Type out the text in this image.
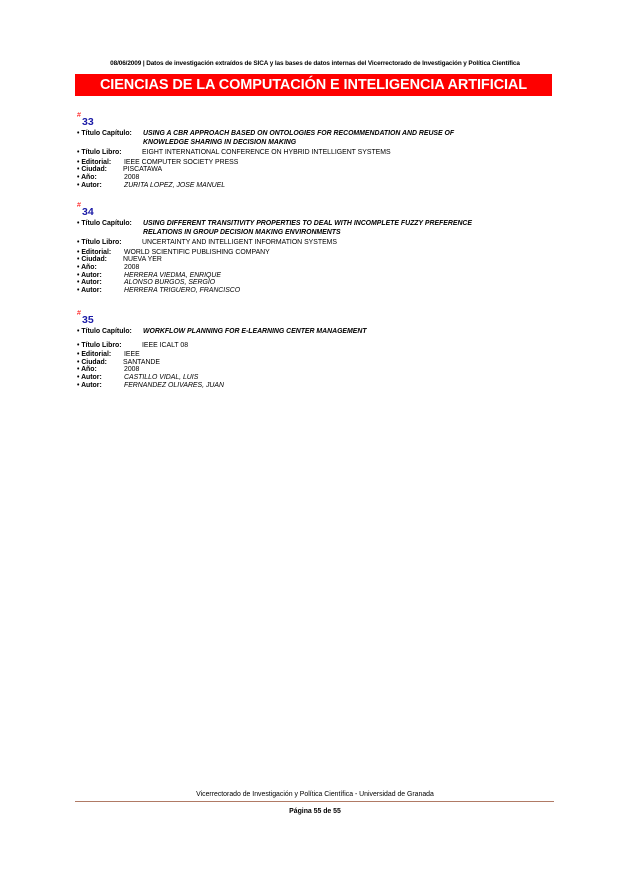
08/06/2009 | Datos de investigación extraídos de SICA y las bases de datos internas del Vicerrectorado de Investigación y Política Científica
CIENCIAS DE LA COMPUTACIÓN E INTELIGENCIA ARTIFICIAL
#
33
• Título Capítulo:	USING A CBR APPROACH BASED ON ONTOLOGIES FOR RECOMMENDATION AND REUSE OF KNOWLEDGE SHARING IN DECISION MAKING
• Título Libro:	EIGHT INTERNATIONAL CONFERENCE ON HYBRID INTELLIGENT SYSTEMS
• Editorial:	IEEE COMPUTER SOCIETY PRESS
• Ciudad:	PISCATAWA
• Año:	2008
• Autor:	ZURITA LOPEZ, JOSE MANUEL
#
34
• Título Capítulo:	USING DIFFERENT TRANSITIVITY PROPERTIES TO DEAL WITH INCOMPLETE FUZZY PREFERENCE RELATIONS IN GROUP DECISION MAKING ENVIRONMENTS
• Título Libro:	UNCERTAINTY AND INTELLIGENT INFORMATION SYSTEMS
• Editorial:	WORLD SCIENTIFIC PUBLISHING COMPANY
• Ciudad:	NUEVA YER
• Año:	2008
• Autor:	HERRERA VIEDMA, ENRIQUE
• Autor:	ALONSO BURGOS, SERGIO
• Autor:	HERRERA TRIGUERO, FRANCISCO
#
35
• Título Capítulo:	WORKFLOW PLANNING FOR E-LEARNING CENTER MANAGEMENT
• Título Libro:	IEEE ICALT 08
• Editorial:	IEEE
• Ciudad:	SANTANDE
• Año:	2008
• Autor:	CASTILLO VIDAL, LUIS
• Autor:	FERNANDEZ OLIVARES, JUAN
Vicerrectorado de Investigación y Política Científica - Universidad de Granada
Página 55 de 55
